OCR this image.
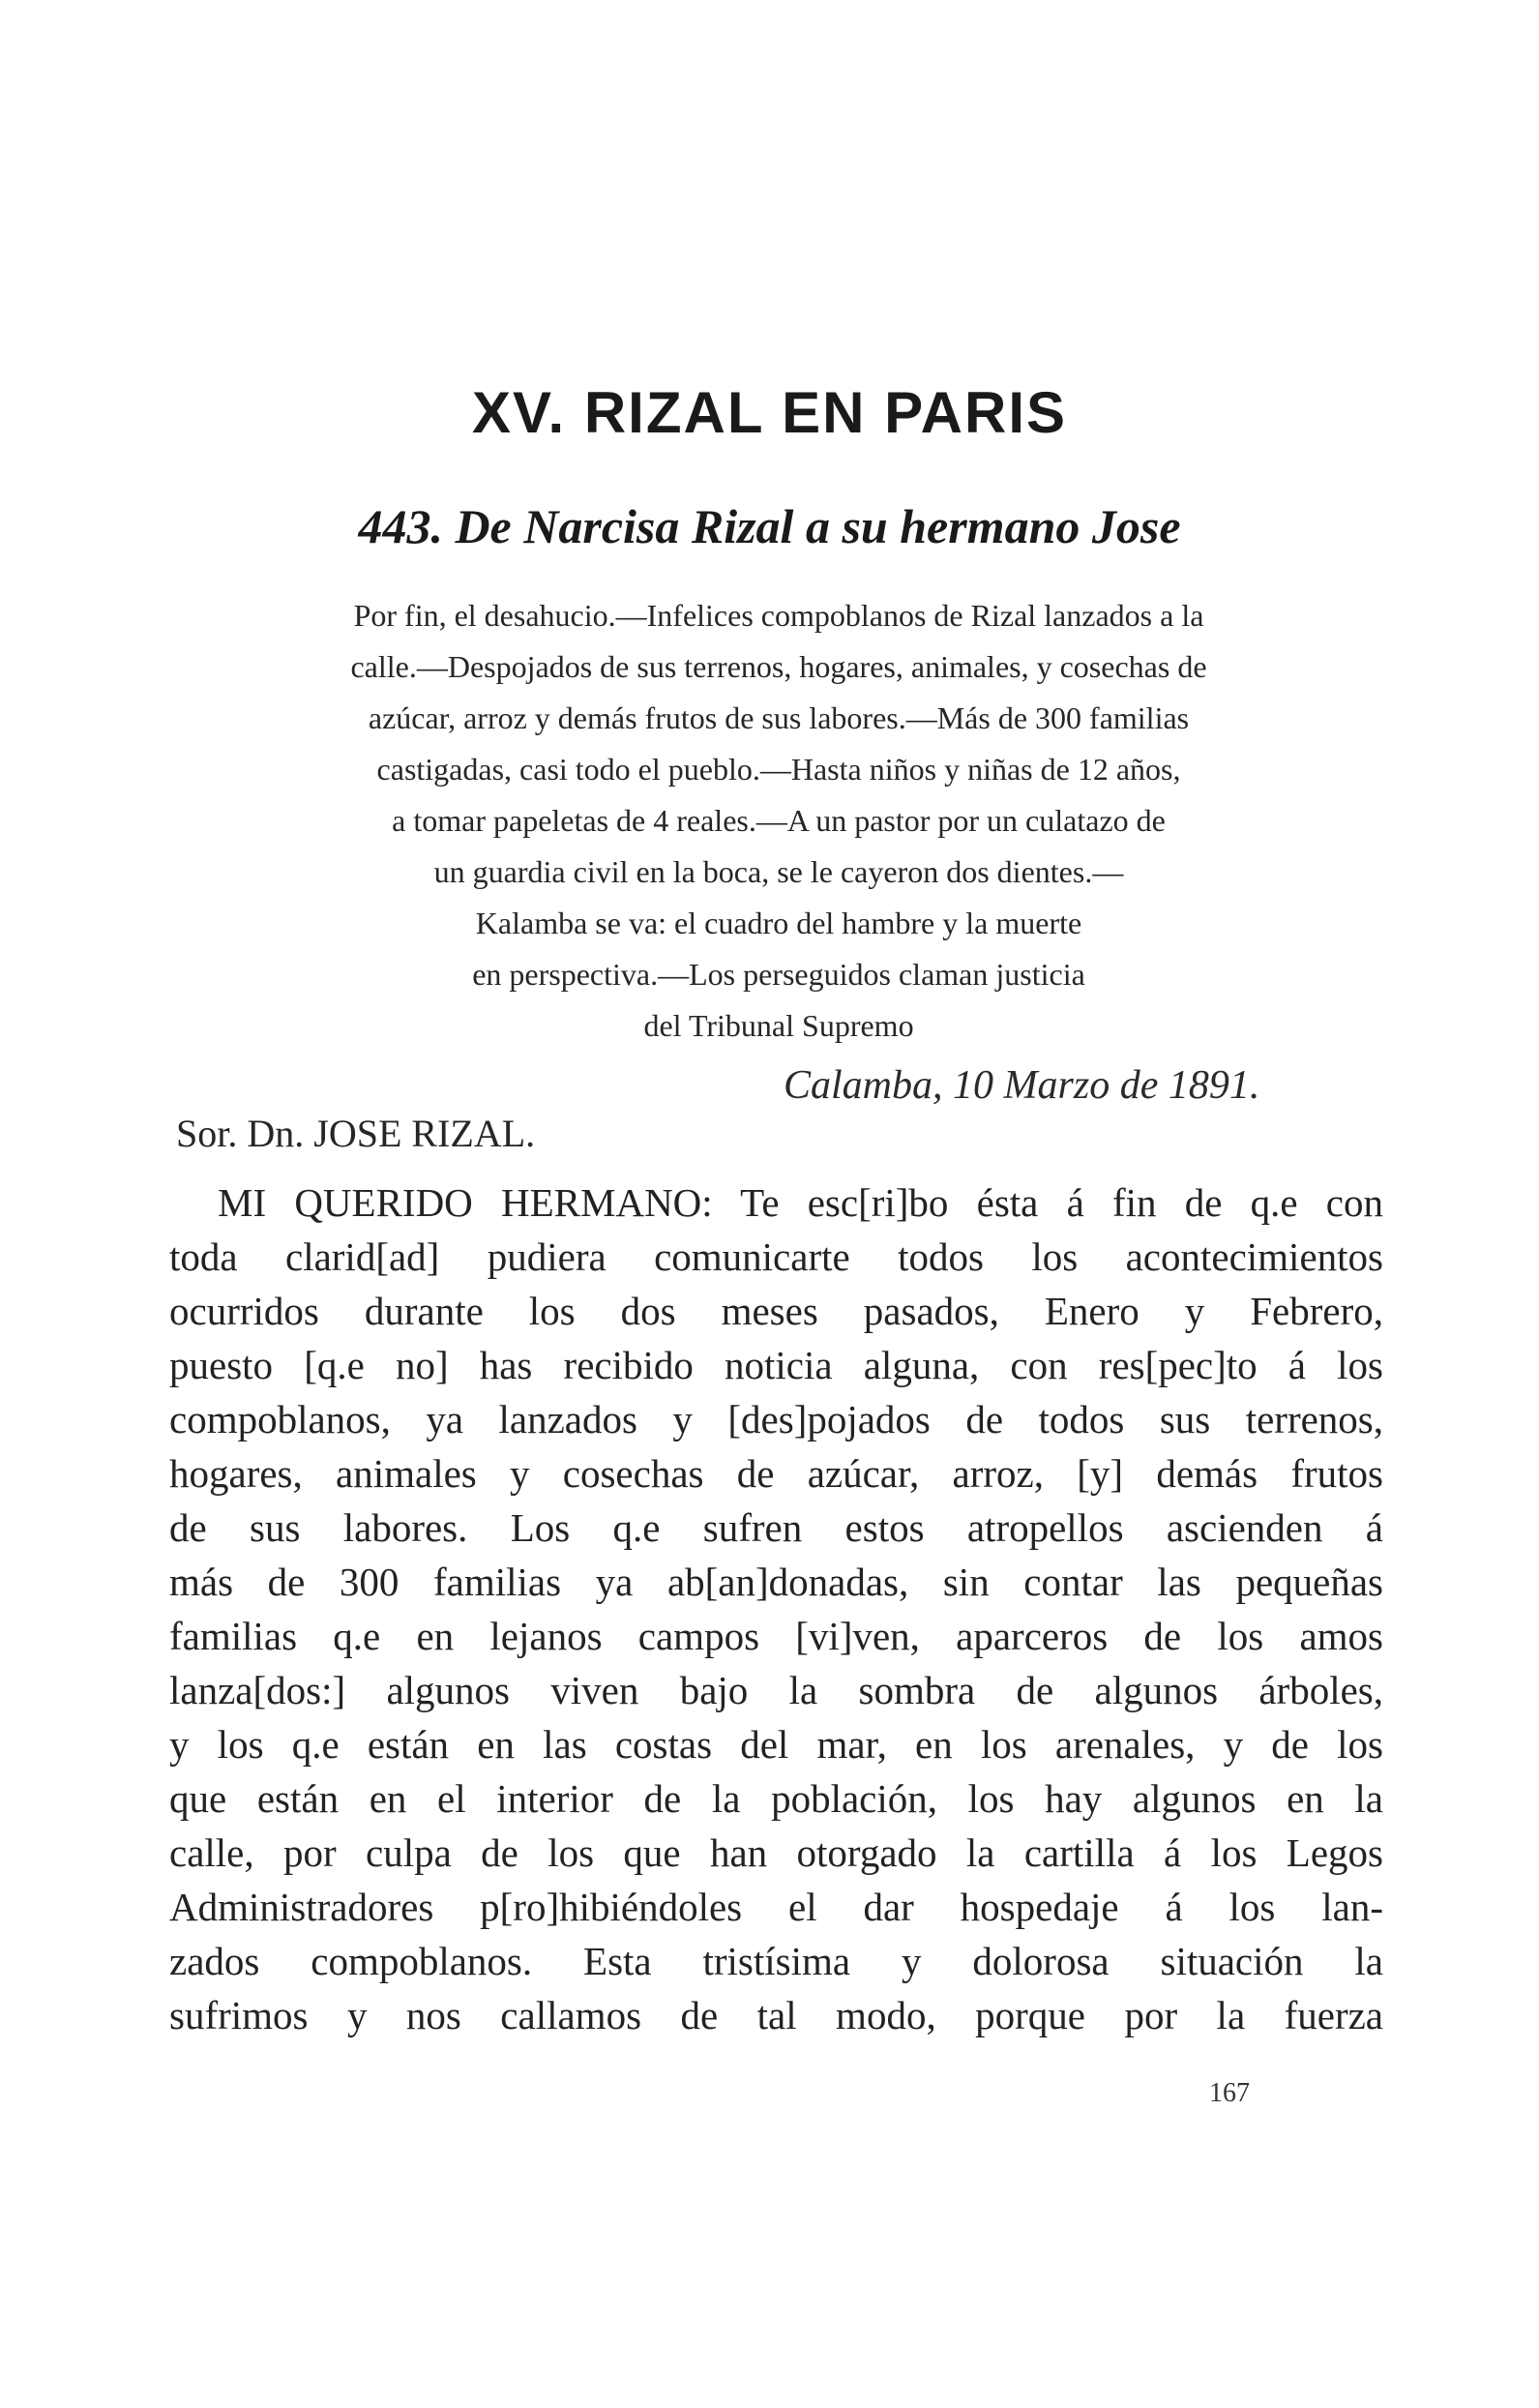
XV. RIZAL EN PARIS
443. De Narcisa Rizal a su hermano Jose
Por fin, el desahucio.—Infelices compoblanos de Rizal lanzados a la
calle.—Despojados de sus terrenos, hogares, animales, y cosechas de
azúcar, arroz y demás frutos de sus labores.—Más de 300 familias
castigadas, casi todo el pueblo.—Hasta niños y niñas de 12 años,
a tomar papeletas de 4 reales.—A un pastor por un culatazo de
un guardia civil en la boca, se le cayeron dos dientes.—
Kalamba se va: el cuadro del hambre y la muerte
en perspectiva.—Los perseguidos claman justicia
del Tribunal Supremo
Calamba, 10 Marzo de 1891.
Sor. Dn. JOSE RIZAL.
MI QUERIDO HERMANO: Te esc[ri]bo ésta á fin de q.e con
toda clarid[ad] pudiera comunicarte todos los acontecimientos
ocurridos durante los dos meses pasados, Enero y Febrero,
puesto [q.e no] has recibido noticia alguna, con res[pec]to á los
compoblanos, ya lanzados y [des]pojados de todos sus terrenos,
hogares, animales y cosechas de azúcar, arroz, [y] demás frutos
de sus labores. Los q.e sufren estos atropellos ascienden á
más de 300 familias ya ab[an]donadas, sin contar las pequeñas
familias q.e en lejanos campos [vi]ven, aparceros de los amos
lanza[dos:] algunos viven bajo la sombra de algunos árboles,
y los q.e están en las costas del mar, en los arenales, y de los
que están en el interior de la población, los hay algunos en la
calle, por culpa de los que han otorgado la cartilla á los Legos
Administradores p[ro]hibiéndoles el dar hospedaje á los lan-
zados compoblanos. Esta tristísima y dolorosa situación la
sufrimos y nos callamos de tal modo, porque por la fuerza
167
